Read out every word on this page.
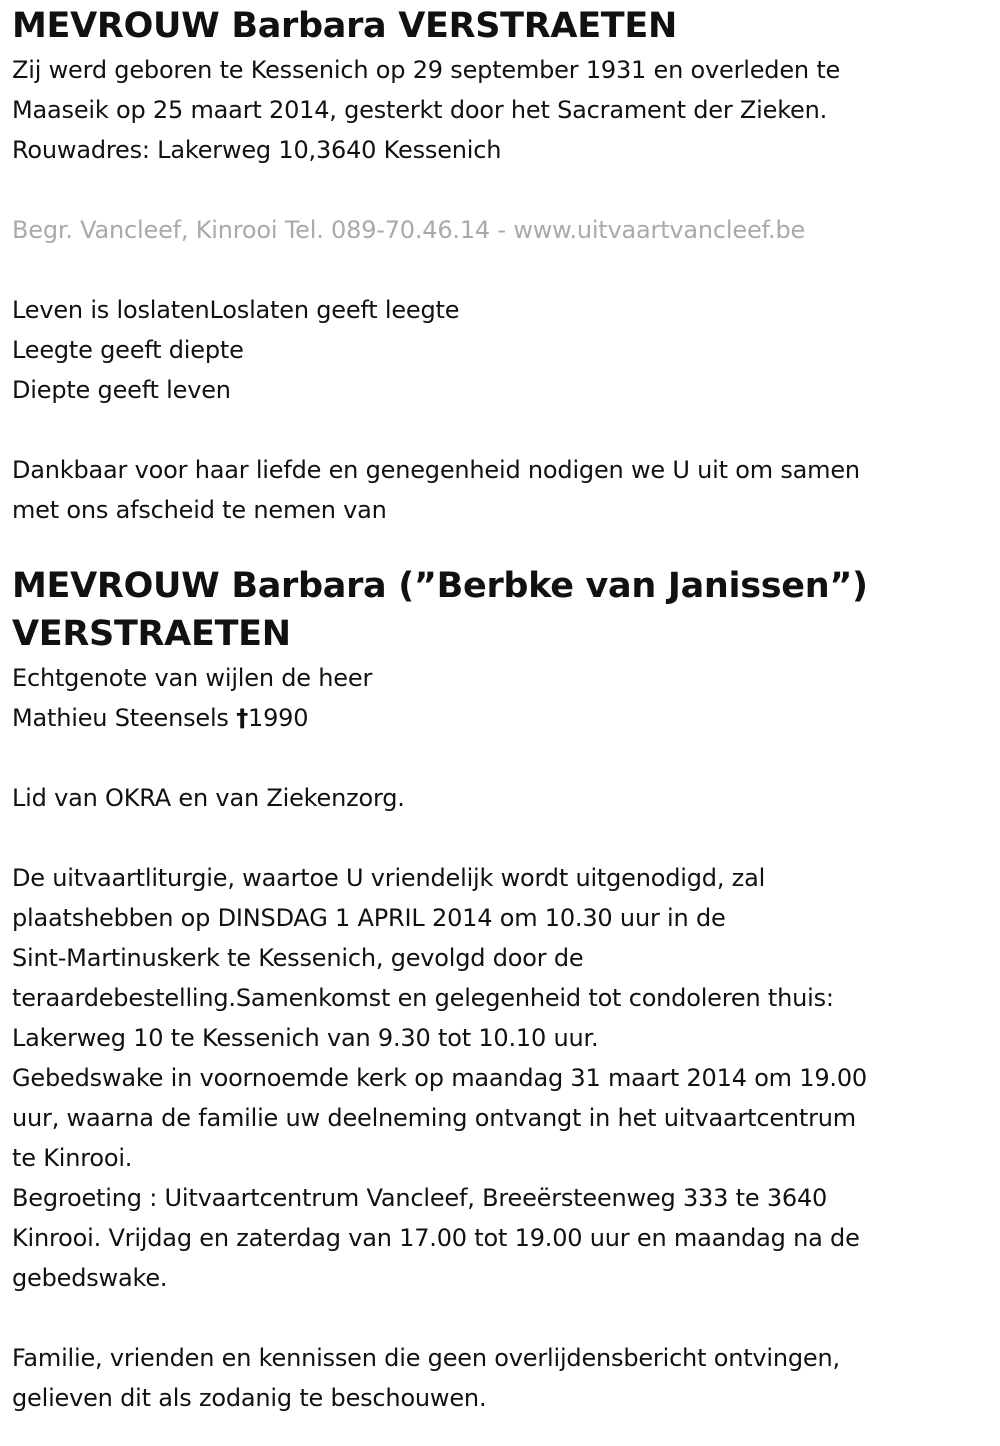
MEVROUW Barbara VERSTRAETEN

Zij werd geboren te Kessenich op 29 september 1931 en overleden te

Maaseik op 25 maart 2014, gesterkt door het Sacrament der Zieken.

Rouwadres: Lakerweg 10,3640 Kessenich

Begr. Vancleef, Kinrooi Tel. 089-70.46.14 - www.uitvaartvancleef.be

Leven is loslatenLoslaten geeft leegte

Leegte geeft diepte

Diepte geeft leven

Dankbaar voor haar liefde en genegenheid nodigen we U uit om samen

met ons afscheid te nemen van

MEVROUW Barbara (”Berbke van Janissen”)
VERSTRAETEN

Echtgenote van wijlen de heer

Mathieu Steensels †1990

Lid van OKRA en van Ziekenzorg.

De uitvaartliturgie, waartoe U vriendelijk wordt uitgenodigd, zal

plaatshebben op DINSDAG 1 APRIL 2014 om 10.30 uur in de

Sint-Martinuskerk te Kessenich, gevolgd door de

teraardebestelling.Samenkomst en gelegenheid tot condoleren thuis:

Lakerweg 10 te Kessenich van 9.30 tot 10.10 uur.

Gebedswake in voornoemde kerk op maandag 31 maart 2014 om 19.00

uur, waarna de familie uw deelneming ontvangt in het uitvaartcentrum

te Kinrooi.

Begroeting : Uitvaartcentrum Vancleef, Breeërsteenweg 333 te 3640

Kinrooi. Vrijdag en zaterdag van 17.00 tot 19.00 uur en maandag na de

gebedswake.

Familie, vrienden en kennissen die geen overlijdensbericht ontvingen,

gelieven dit als zodanig te beschouwen.
